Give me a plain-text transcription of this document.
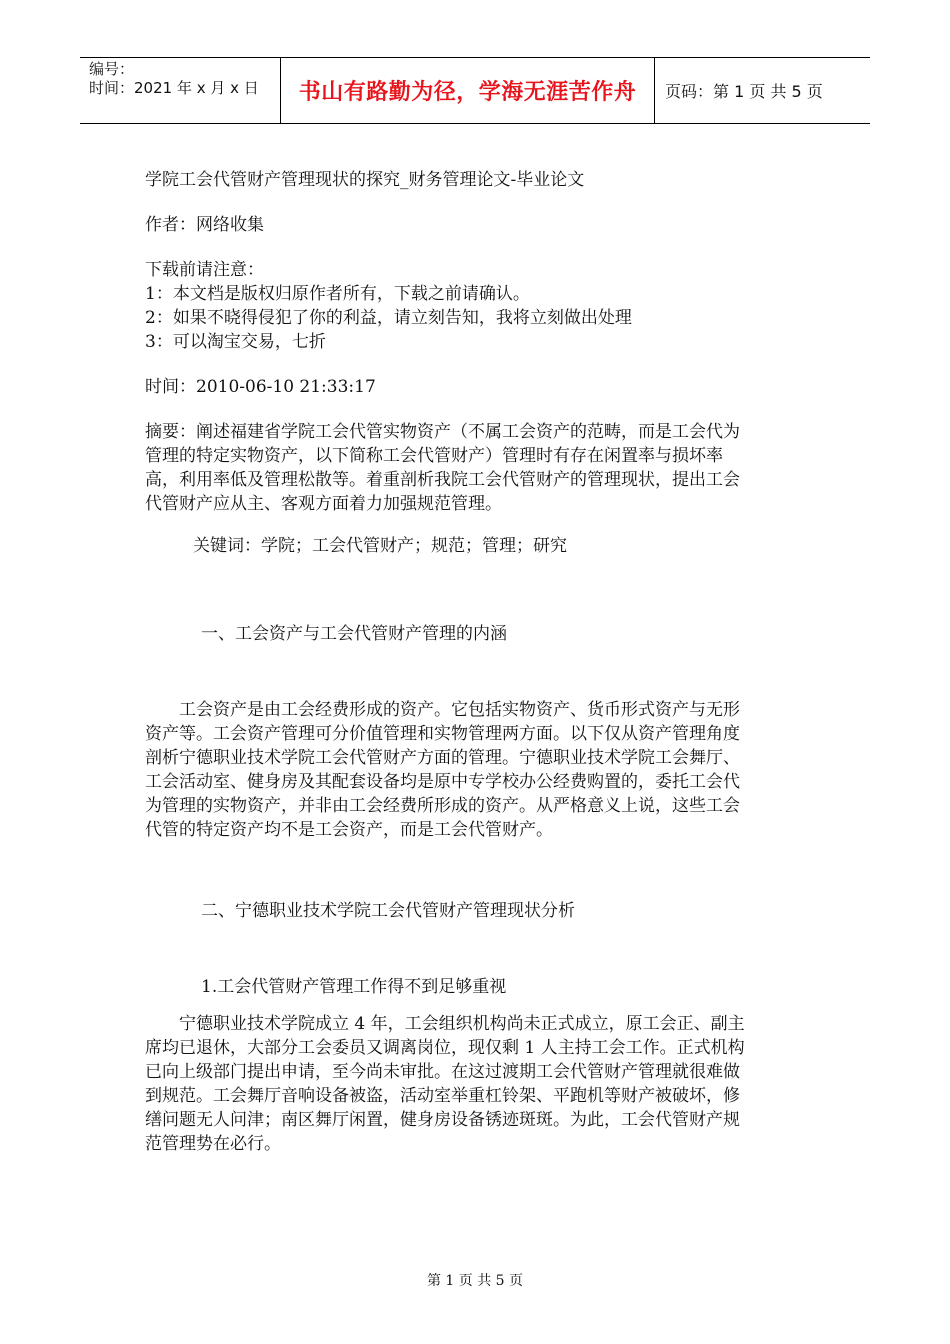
编号：
时间：2021 年 x 月 x 日	书山有路勤为径，学海无涯苦作舟	页码：第 1 页 共 5 页

学院工会代管财产管理现状的探究_财务管理论文-毕业论文

作者：网络收集

下载前请注意：

1：本文档是版权归原作者所有，下载之前请确认。

2：如果不晓得侵犯了你的利益，请立刻告知，我将立刻做出处理

3：可以淘宝交易，七折

时间：2010-06-10 21:33:17

摘要：阐述福建省学院工会代管实物资产（不属工会资产的范畴，而是工会代为管理的特定实物资产，以下简称工会代管财产）管理时有存在闲置率与损坏率高，利用率低及管理松散等。着重剖析我院工会代管财产的管理现状，提出工会代管财产应从主、客观方面着力加强规范管理。

关键词：学院；工会代管财产；规范；管理；研究

一、工会资产与工会代管财产管理的内涵

工会资产是由工会经费形成的资产。它包括实物资产、货币形式资产与无形资产等。工会资产管理可分价值管理和实物管理两方面。以下仅从资产管理角度剖析宁德职业技术学院工会代管财产方面的管理。宁德职业技术学院工会舞厅、工会活动室、健身房及其配套设备均是原中专学校办公经费购置的，委托工会代为管理的实物资产，并非由工会经费所形成的资产。从严格意义上说，这些工会代管的特定资产均不是工会资产，而是工会代管财产。

二、宁德职业技术学院工会代管财产管理现状分析

1.工会代管财产管理工作得不到足够重视

宁德职业技术学院成立 4 年，工会组织机构尚未正式成立，原工会正、副主席均已退休，大部分工会委员又调离岗位，现仅剩 1 人主持工会工作。正式机构已向上级部门提出申请，至今尚未审批。在这过渡期工会代管财产管理就很难做到规范。工会舞厅音响设备被盗，活动室举重杠铃架、平跑机等财产被破坏，修缮问题无人问津；南区舞厅闲置，健身房设备锈迹斑斑。为此，工会代管财产规范管理势在必行。

第 1 页 共 5 页
